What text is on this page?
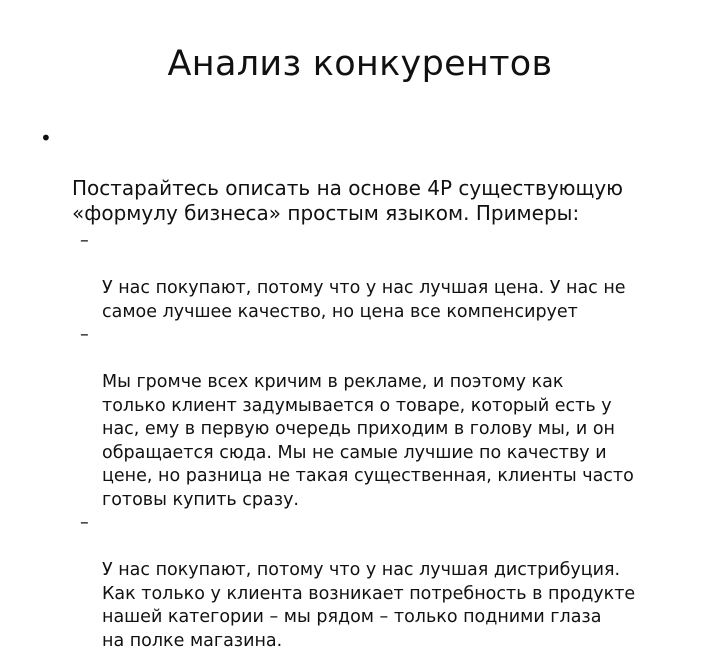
Анализ конкурентов

•

Постарайтесь описать на основе 4Р существующую
«формулу бизнеса» простым языком. Примеры:

–

У нас покупают, потому что у нас лучшая цена. У нас не
самое лучшее качество, но цена все компенсирует

–

Мы громче всех кричим в рекламе, и поэтому как
только клиент задумывается о товаре, который есть у
нас, ему в первую очередь приходим в голову мы, и он
обращается сюда. Мы не самые лучшие по качеству и
цене, но разница не такая существенная, клиенты часто
готовы купить сразу.

–

У нас покупают, потому что у нас лучшая дистрибуция.
Как только у клиента возникает потребность в продукте
нашей категории – мы рядом – только подними глаза
на полке магазина.
